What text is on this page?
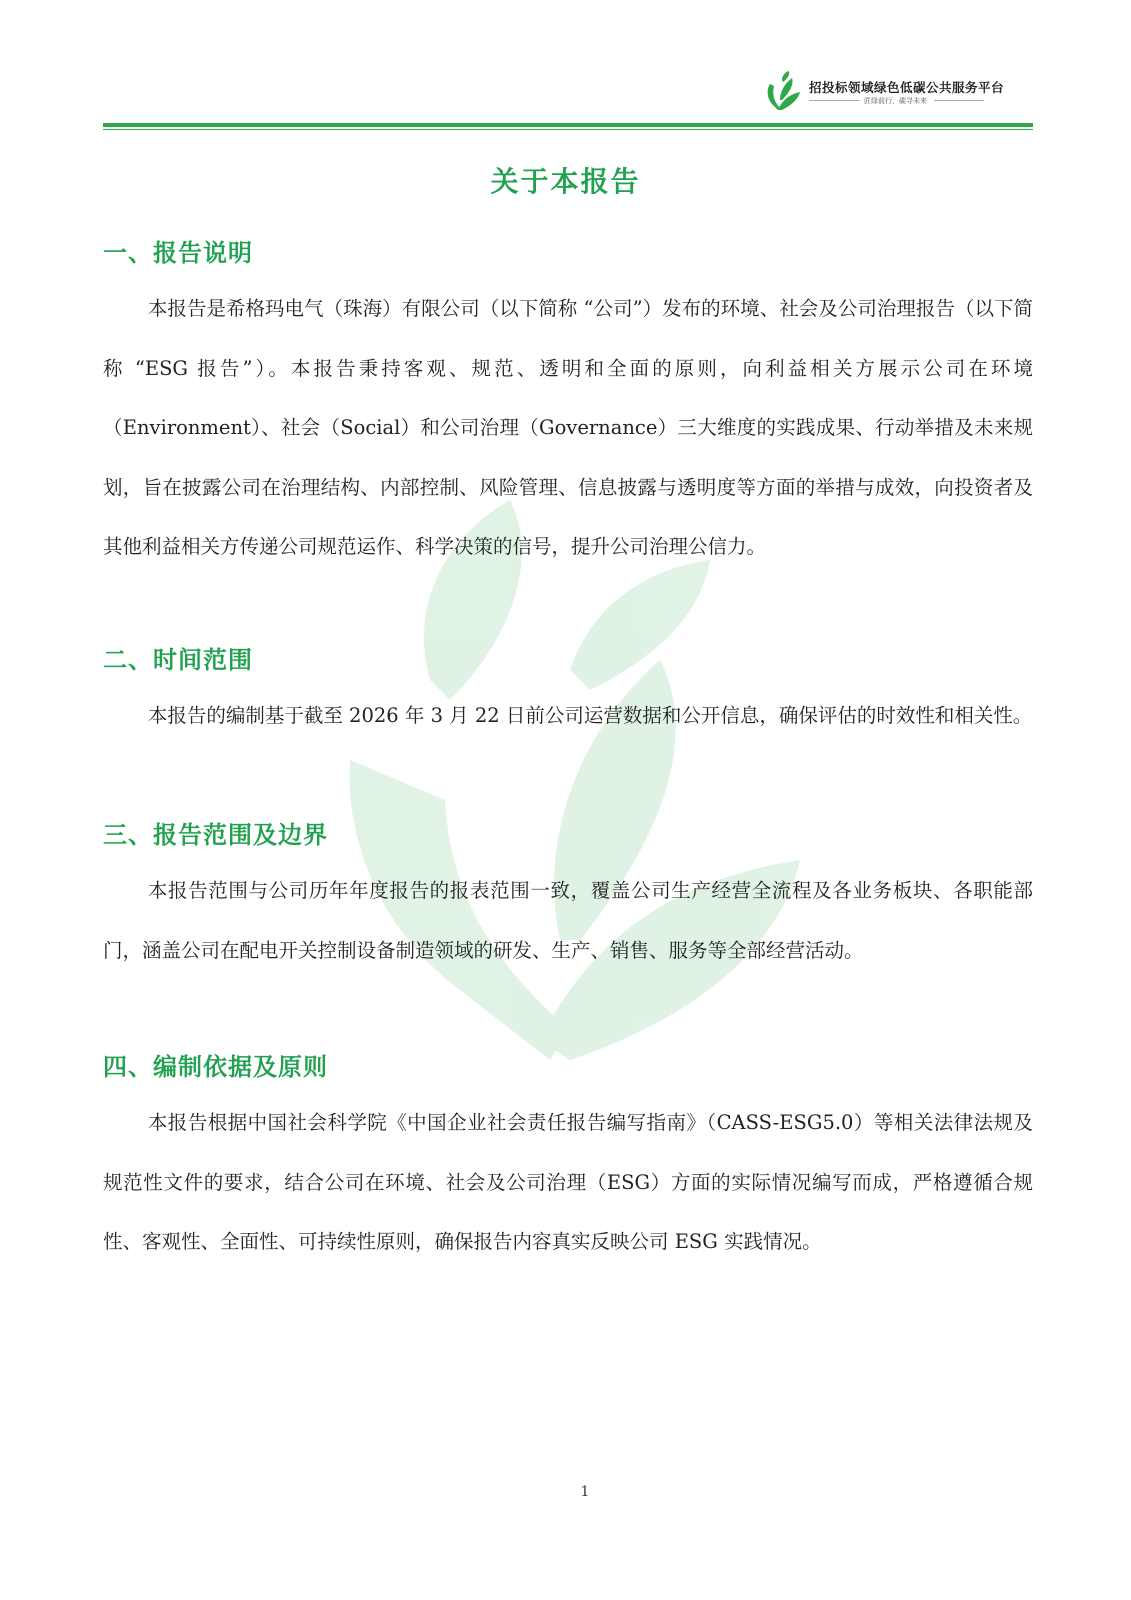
招投标领域绿色低碳公共服务平台
匠绿前行，碳寻未来
关于本报告
一、报告说明

本报告是希格玛电气（珠海）有限公司（以下简称 “公司”）发布的环境、社会及公司治理报告（以下简称 “ESG 报告”）。本报告秉持客观、规范、透明和全面的原则，向利益相关方展示公司在环境（Environment）、社会（Social）和公司治理（Governance）三大维度的实践成果、行动举措及未来规划，旨在披露公司在治理结构、内部控制、风险管理、信息披露与透明度等方面的举措与成效，向投资者及其他利益相关方传递公司规范运作、科学决策的信号，提升公司治理公信力。

二、时间范围

本报告的编制基于截至 2026 年 3 月 22 日前公司运营数据和公开信息，确保评估的时效性和相关性。

三、报告范围及边界

本报告范围与公司历年年度报告的报表范围一致，覆盖公司生产经营全流程及各业务板块、各职能部门，涵盖公司在配电开关控制设备制造领域的研发、生产、销售、服务等全部经营活动。

四、编制依据及原则

本报告根据中国社会科学院《中国企业社会责任报告编写指南》（CASS-ESG5.0）等相关法律法规及规范性文件的要求，结合公司在环境、社会及公司治理（ESG）方面的实际情况编写而成，严格遵循合规性、客观性、全面性、可持续性原则，确保报告内容真实反映公司 ESG 实践情况。

1
